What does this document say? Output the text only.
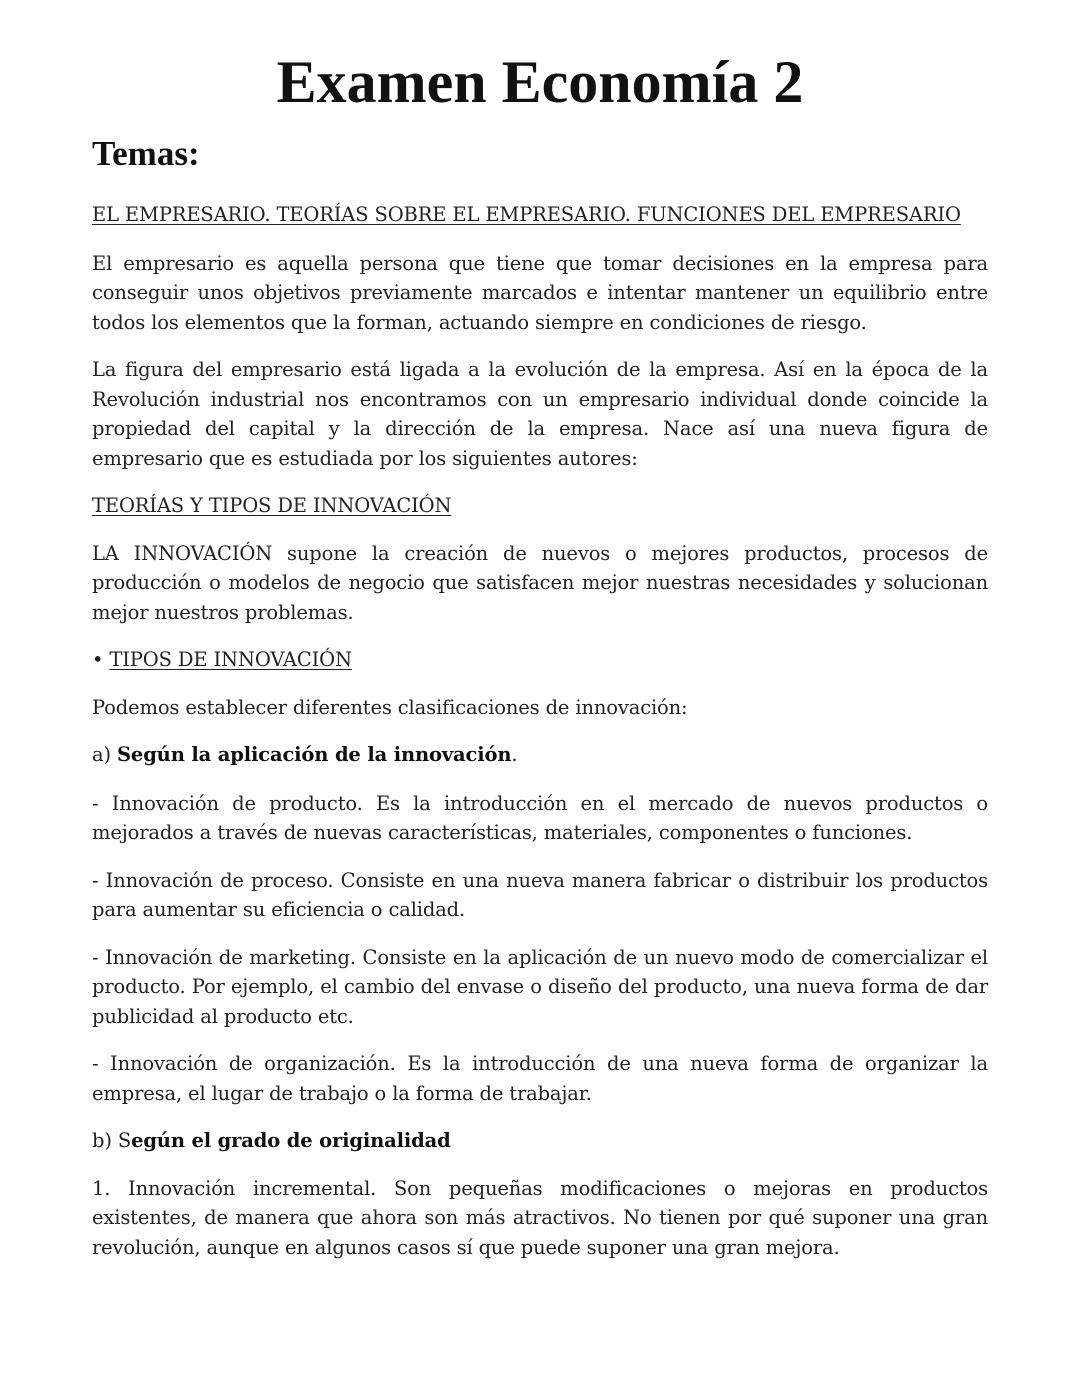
Examen Economía 2
Temas:

EL EMPRESARIO. TEORÍAS SOBRE EL EMPRESARIO. FUNCIONES DEL EMPRESARIO

El empresario es aquella persona que tiene que tomar decisiones en la empresa para conseguir unos objetivos previamente marcados e intentar mantener un equilibrio entre todos los elementos que la forman, actuando siempre en condiciones de riesgo.

La figura del empresario está ligada a la evolución de la empresa. Así en la época de la Revolución industrial nos encontramos con un empresario individual donde coincide la propiedad del capital y la dirección de la empresa. Nace así una nueva figura de empresario que es estudiada por los siguientes autores:

TEORÍAS Y TIPOS DE INNOVACIÓN

LA INNOVACIÓN supone la creación de nuevos o mejores productos, procesos de producción o modelos de negocio que satisfacen mejor nuestras necesidades y solucionan mejor nuestros problemas.

• TIPOS DE INNOVACIÓN

Podemos establecer diferentes clasificaciones de innovación:

a) Según la aplicación de la innovación.

- Innovación de producto. Es la introducción en el mercado de nuevos productos o mejorados a través de nuevas características, materiales, componentes o funciones.

- Innovación de proceso. Consiste en una nueva manera fabricar o distribuir los productos para aumentar su eficiencia o calidad.

- Innovación de marketing. Consiste en la aplicación de un nuevo modo de comercializar el producto. Por ejemplo, el cambio del envase o diseño del producto, una nueva forma de dar publicidad al producto etc.

- Innovación de organización. Es la introducción de una nueva forma de organizar la empresa, el lugar de trabajo o la forma de trabajar.

b) Según el grado de originalidad

1. Innovación incremental. Son pequeñas modificaciones o mejoras en productos existentes, de manera que ahora son más atractivos. No tienen por qué suponer una gran revolución, aunque en algunos casos sí que puede suponer una gran mejora.
